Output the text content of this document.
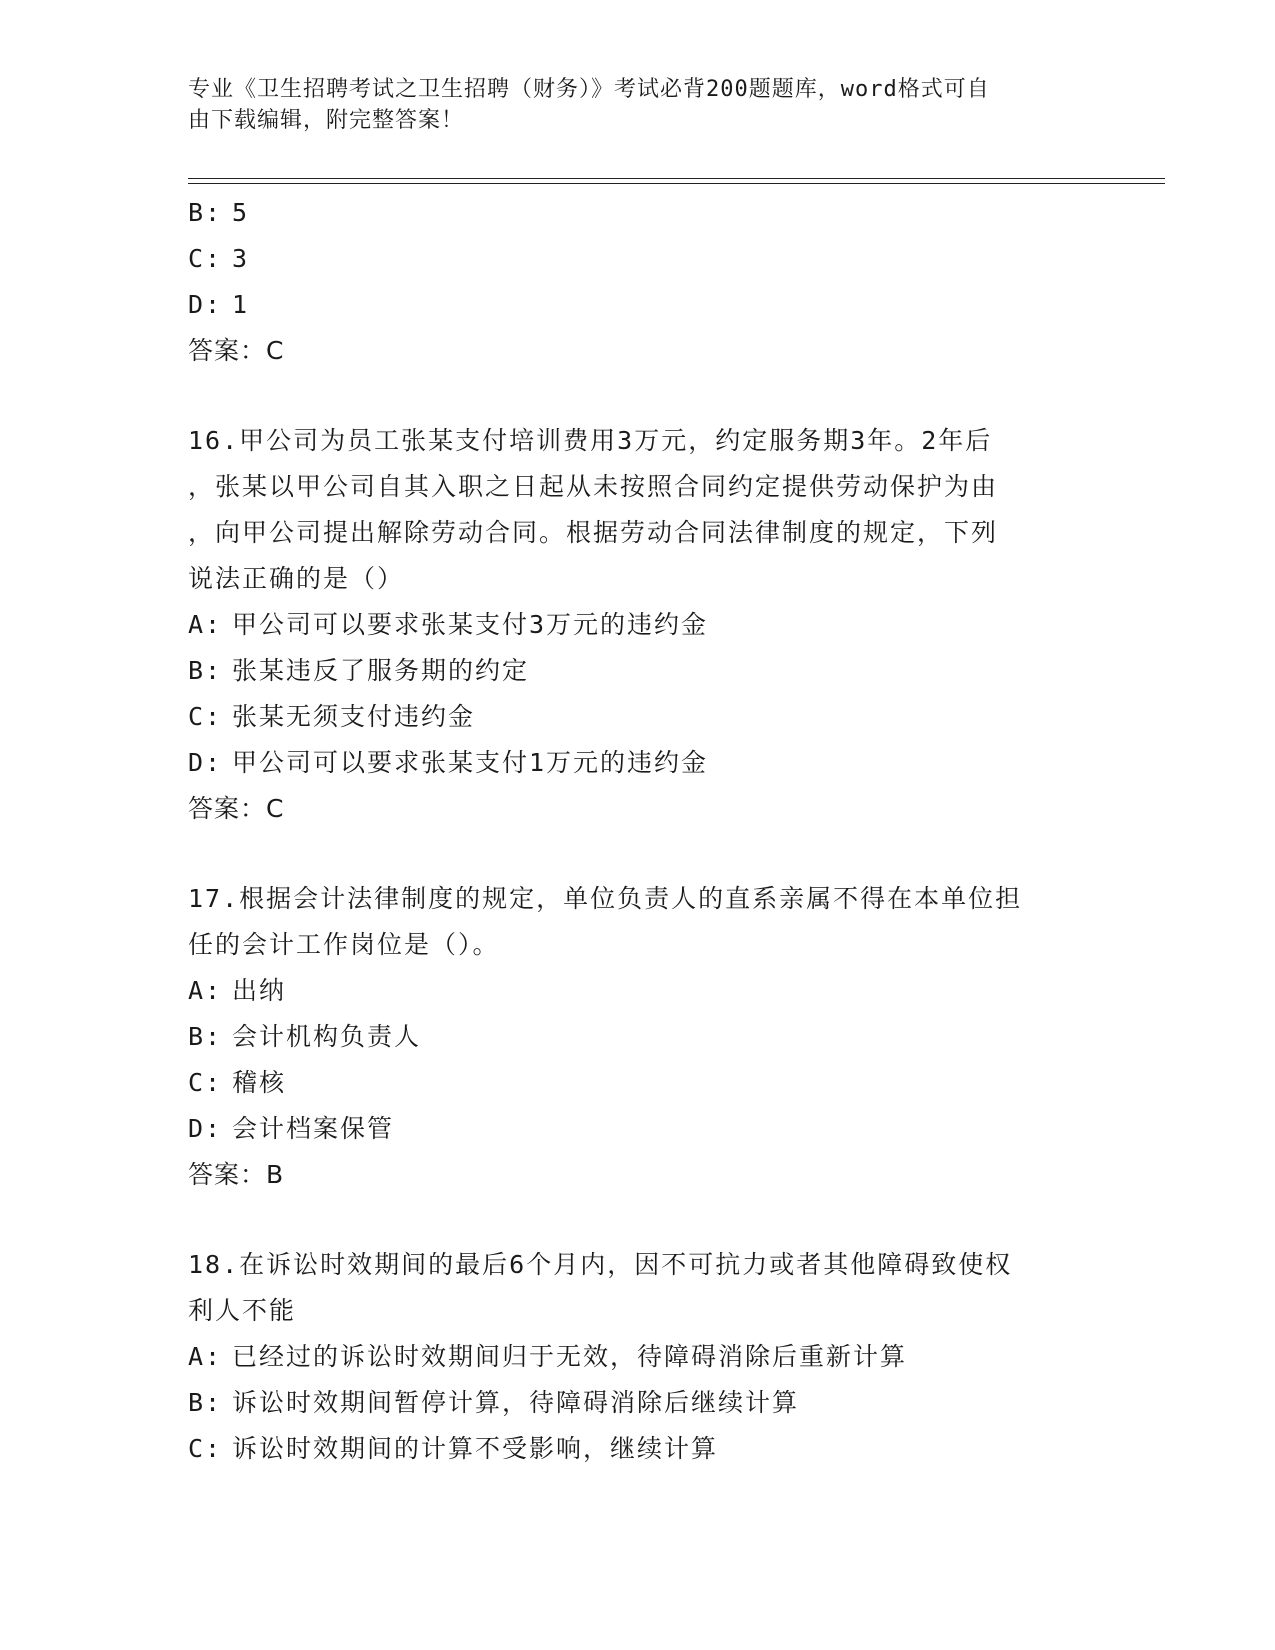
专业《卫生招聘考试之卫生招聘（财务）》考试必背200题题库，word格式可自
由下载编辑，附完整答案！
B: 5
C: 3
D: 1
答案：C
16.甲公司为员工张某支付培训费用3万元，约定服务期3年。2年后
，张某以甲公司自其入职之日起从未按照合同约定提供劳动保护为由
，向甲公司提出解除劳动合同。根据劳动合同法律制度的规定，下列
说法正确的是（）
A: 甲公司可以要求张某支付3万元的违约金
B: 张某违反了服务期的约定
C: 张某无须支付违约金
D: 甲公司可以要求张某支付1万元的违约金
答案：C
17.根据会计法律制度的规定，单位负责人的直系亲属不得在本单位担
任的会计工作岗位是（）。
A: 出纳
B: 会计机构负责人
C: 稽核
D: 会计档案保管
答案：B
18.在诉讼时效期间的最后6个月内，因不可抗力或者其他障碍致使权
利人不能
A: 已经过的诉讼时效期间归于无效，待障碍消除后重新计算
B: 诉讼时效期间暂停计算，待障碍消除后继续计算
C: 诉讼时效期间的计算不受影响，继续计算
